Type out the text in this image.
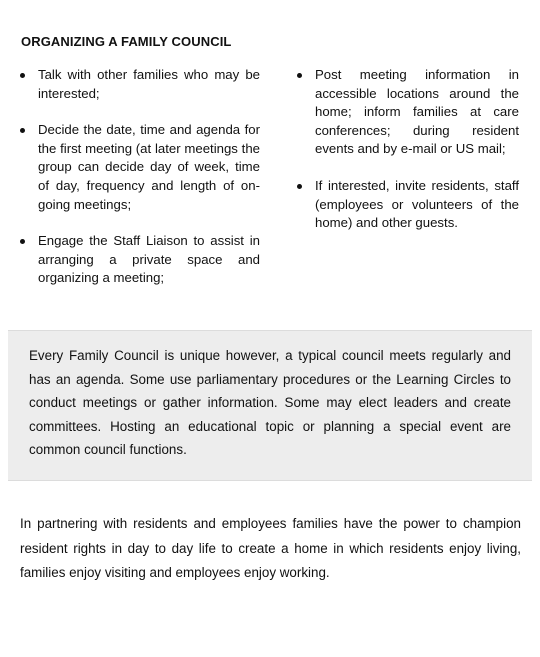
ORGANIZING A FAMILY COUNCIL
Talk with other families who may be interested;
Decide the date, time and agenda for the first meeting (at later meetings the group can decide day of week, time of day, frequency and length of on-going meetings;
Engage the Staff Liaison to assist in arranging a private space and organizing a meeting;
Post meeting information in accessible locations around the home; inform families at care conferences; during resident events and by e-mail or US mail;
If interested, invite residents, staff (employees or volunteers of the home) and other guests.

Every Family Council is unique however, a typical council meets regularly and has an agenda. Some use parliamentary procedures or the Learning Circles to conduct meetings or gather information. Some may elect leaders and create committees. Hosting an educational topic or planning a special event are common council functions.

In partnering with residents and employees families have the power to champion resident rights in day to day life to create a home in which residents enjoy living, families enjoy visiting and employees enjoy working.
